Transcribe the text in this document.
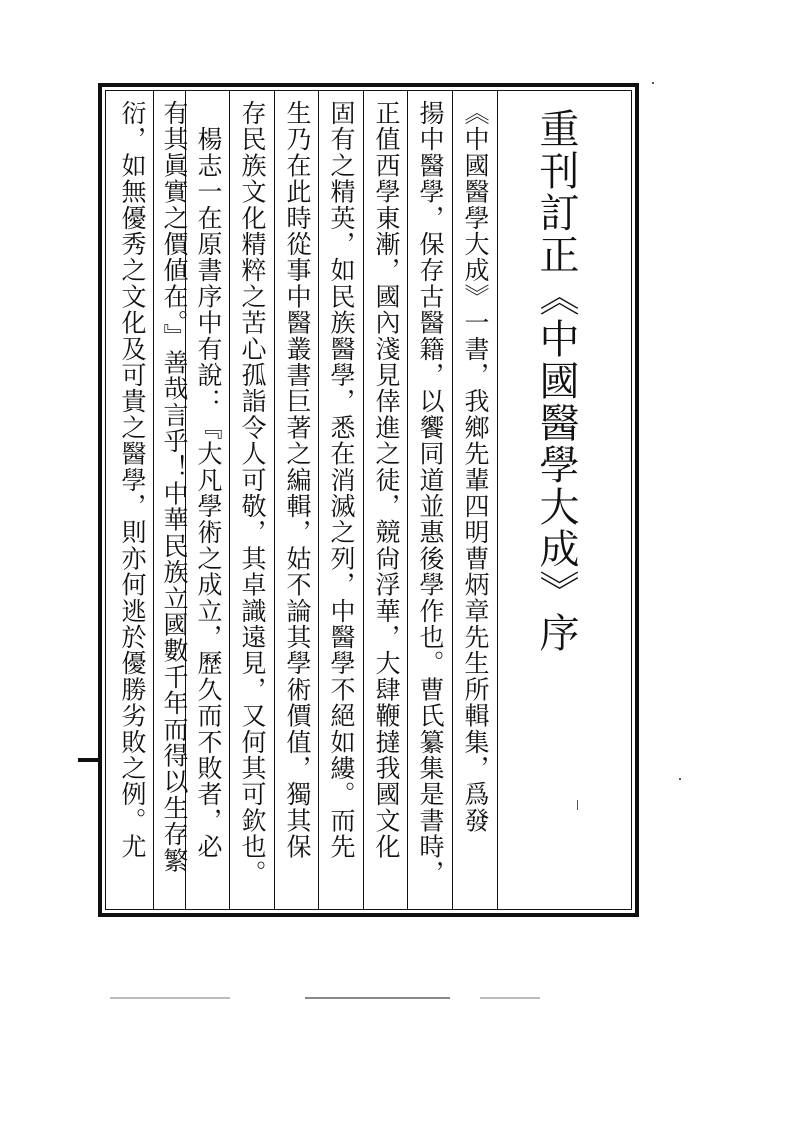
重刊訂正《中國醫學大成》序
《中國醫學大成》一書，我鄉先輩四明曹炳章先生所輯集，爲發
揚中醫學，保存古醫籍，以饗同道並惠後學作也。曹氏纂集是書時，
正值西學東漸，國內淺見倖進之徒，競尙浮華，大肆鞭撻我國文化
固有之精英，如民族醫學，悉在消滅之列，中醫學不絕如縷。而先
生乃在此時從事中醫叢書巨著之編輯，姑不論其學術價值，獨其保
存民族文化精粹之苦心孤詣令人可敬，其卓識遠見，又何其可欽也。
　楊志一在原書序中有說：『大凡學術之成立，歷久而不敗者，必
有其眞實之價値在。』善哉言乎！中華民族立國數千年而得以生存繁
衍，如無優秀之文化及可貴之醫學，則亦何逃於優勝劣敗之例。尤
